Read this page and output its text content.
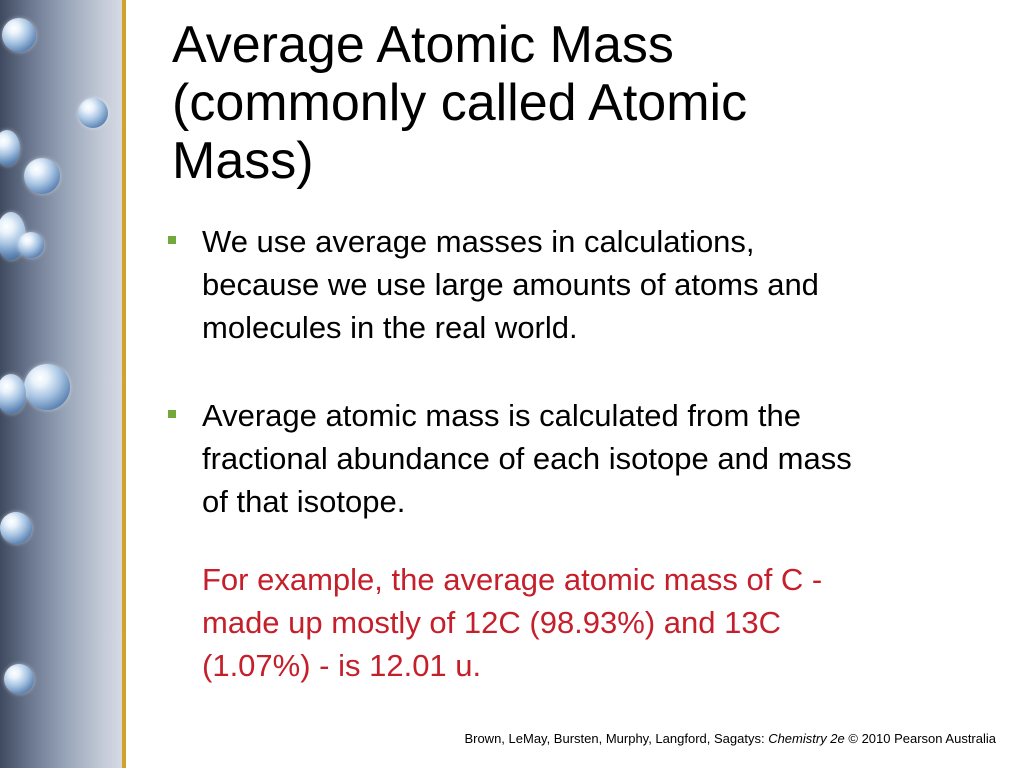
Average Atomic Mass
(commonly called Atomic
Mass)
We use average masses in calculations,
because we use large amounts of atoms and
molecules in the real world.
Average atomic mass is calculated from the
fractional abundance of each isotope and mass
of that isotope.
For example, the average atomic mass of C -
made up mostly of 12C (98.93%) and 13C
(1.07%) - is 12.01 u.
Brown, LeMay, Bursten, Murphy, Langford, Sagatys: Chemistry 2e © 2010 Pearson Australia
